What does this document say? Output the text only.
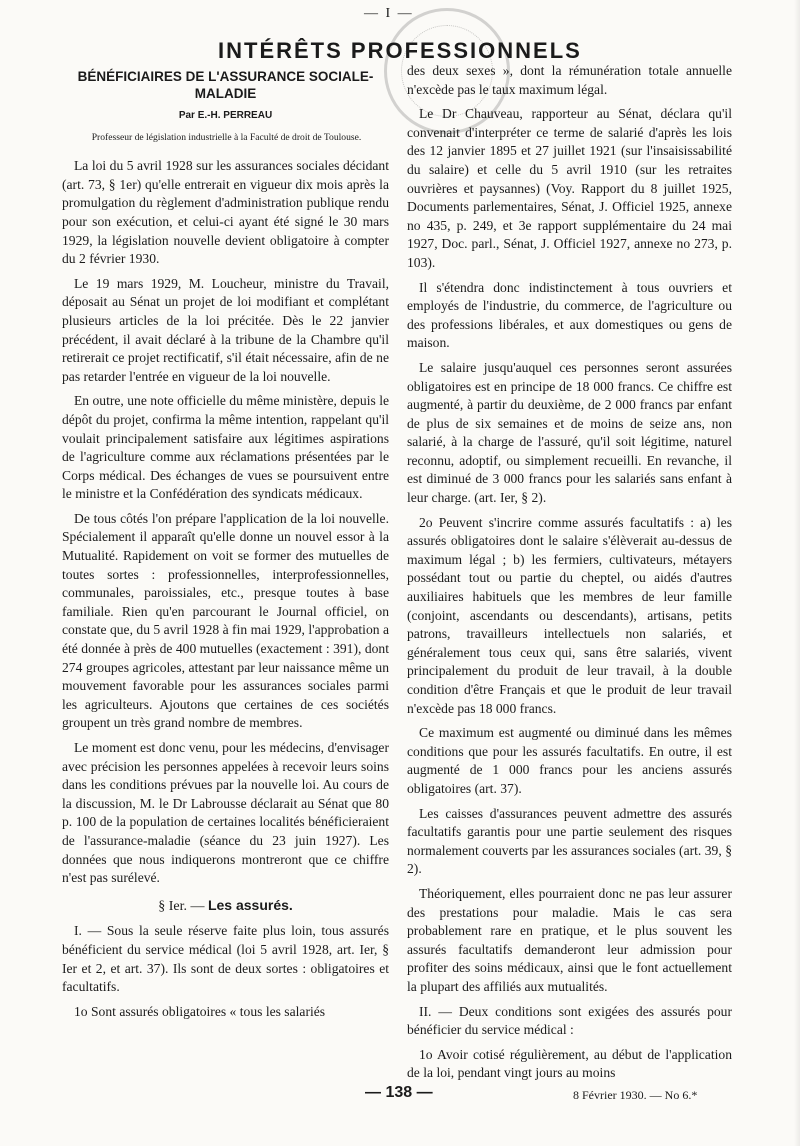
— I —
INTÉRÊTS PROFESSIONNELS
BÉNÉFICIAIRES DE L'ASSURANCE SOCIALE-MALADIE
Par E.-H. PERREAU
Professeur de législation industrielle à la Faculté de droit de Toulouse.

La loi du 5 avril 1928 sur les assurances sociales décidant (art. 73, § 1er) qu'elle entrerait en vigueur dix mois après la promulgation du règlement d'administration publique rendu pour son exécution, et celui-ci ayant été signé le 30 mars 1929, la législation nouvelle devient obligatoire à compter du 2 février 1930.

Le 19 mars 1929, M. Loucheur, ministre du Travail, déposait au Sénat un projet de loi modifiant et complétant plusieurs articles de la loi précitée. Dès le 22 janvier précédent, il avait déclaré à la tribune de la Chambre qu'il retirerait ce projet rectificatif, s'il était nécessaire, afin de ne pas retarder l'entrée en vigueur de la loi nouvelle.

En outre, une note officielle du même ministère, depuis le dépôt du projet, confirma la même intention, rappelant qu'il voulait principalement satisfaire aux légitimes aspirations de l'agriculture comme aux réclamations présentées par le Corps médical. Des échanges de vues se poursuivent entre le ministre et la Confédération des syndicats médicaux.

De tous côtés l'on prépare l'application de la loi nouvelle. Spécialement il apparaît qu'elle donne un nouvel essor à la Mutualité. Rapidement on voit se former des mutuelles de toutes sortes : professionnelles, interprofessionnelles, communales, paroissiales, etc., presque toutes à base familiale. Rien qu'en parcourant le Journal officiel, on constate que, du 5 avril 1928 à fin mai 1929, l'approbation a été donnée à près de 400 mutuelles (exactement : 391), dont 274 groupes agricoles, attestant par leur naissance même un mouvement favorable pour les assurances sociales parmi les agriculteurs. Ajoutons que certaines de ces sociétés groupent un très grand nombre de membres.

Le moment est donc venu, pour les médecins, d'envisager avec précision les personnes appelées à recevoir leurs soins dans les conditions prévues par la nouvelle loi. Au cours de la discussion, M. le Dr Labrousse déclarait au Sénat que 80 p. 100 de la population de certaines localités bénéficieraient de l'assurance-maladie (séance du 23 juin 1927). Les données que nous indiquerons montreront que ce chiffre n'est pas surélevé.

§ Ier. — Les assurés.

I. — Sous la seule réserve faite plus loin, tous assurés bénéficient du service médical (loi 5 avril 1928, art. Ier, § Ier et 2, et art. 37). Ils sont de deux sortes : obligatoires et facultatifs.

1o Sont assurés obligatoires « tous les salariés

des deux sexes », dont la rémunération totale annuelle n'excède pas le taux maximum légal.

Le Dr Chauveau, rapporteur au Sénat, déclara qu'il convenait d'interpréter ce terme de salarié d'après les lois des 12 janvier 1895 et 27 juillet 1921 (sur l'insaisissabilité du salaire) et celle du 5 avril 1910 (sur les retraites ouvrières et paysannes) (Voy. Rapport du 8 juillet 1925, Documents parlementaires, Sénat, J. Officiel 1925, annexe no 435, p. 249, et 3e rapport supplémentaire du 24 mai 1927, Doc. parl., Sénat, J. Officiel 1927, annexe no 273, p. 103).

Il s'étendra donc indistinctement à tous ouvriers et employés de l'industrie, du commerce, de l'agriculture ou des professions libérales, et aux domestiques ou gens de maison.

Le salaire jusqu'auquel ces personnes seront assurées obligatoires est en principe de 18 000 francs. Ce chiffre est augmenté, à partir du deuxième, de 2 000 francs par enfant de plus de six semaines et de moins de seize ans, non salarié, à la charge de l'assuré, qu'il soit légitime, naturel reconnu, adoptif, ou simplement recueilli. En revanche, il est diminué de 3 000 francs pour les salariés sans enfant à leur charge. (art. Ier, § 2).

2o Peuvent s'incrire comme assurés facultatifs : a) les assurés obligatoires dont le salaire s'élèverait au-dessus de maximum légal ; b) les fermiers, cultivateurs, métayers possédant tout ou partie du cheptel, ou aidés d'autres auxiliaires habituels que les membres de leur famille (conjoint, ascendants ou descendants), artisans, petits patrons, travailleurs intellectuels non salariés, et généralement tous ceux qui, sans être salariés, vivent principalement du produit de leur travail, à la double condition d'être Français et que le produit de leur travail n'excède pas 18 000 francs.

Ce maximum est augmenté ou diminué dans les mêmes conditions que pour les assurés facultatifs. En outre, il est augmenté de 1 000 francs pour les anciens assurés obligatoires (art. 37).

Les caisses d'assurances peuvent admettre des assurés facultatifs garantis pour une partie seulement des risques normalement couverts par les assurances sociales (art. 39, § 2).

Théoriquement, elles pourraient donc ne pas leur assurer des prestations pour maladie. Mais le cas sera probablement rare en pratique, et le plus souvent les assurés facultatifs demanderont leur admission pour profiter des soins médicaux, ainsi que le font actuellement la plupart des affiliés aux mutualités.

II. — Deux conditions sont exigées des assurés pour bénéficier du service médical :

1o Avoir cotisé régulièrement, au début de l'application de la loi, pendant vingt jours au moins

— 138 —	8 Février 1930. — No 6.*
